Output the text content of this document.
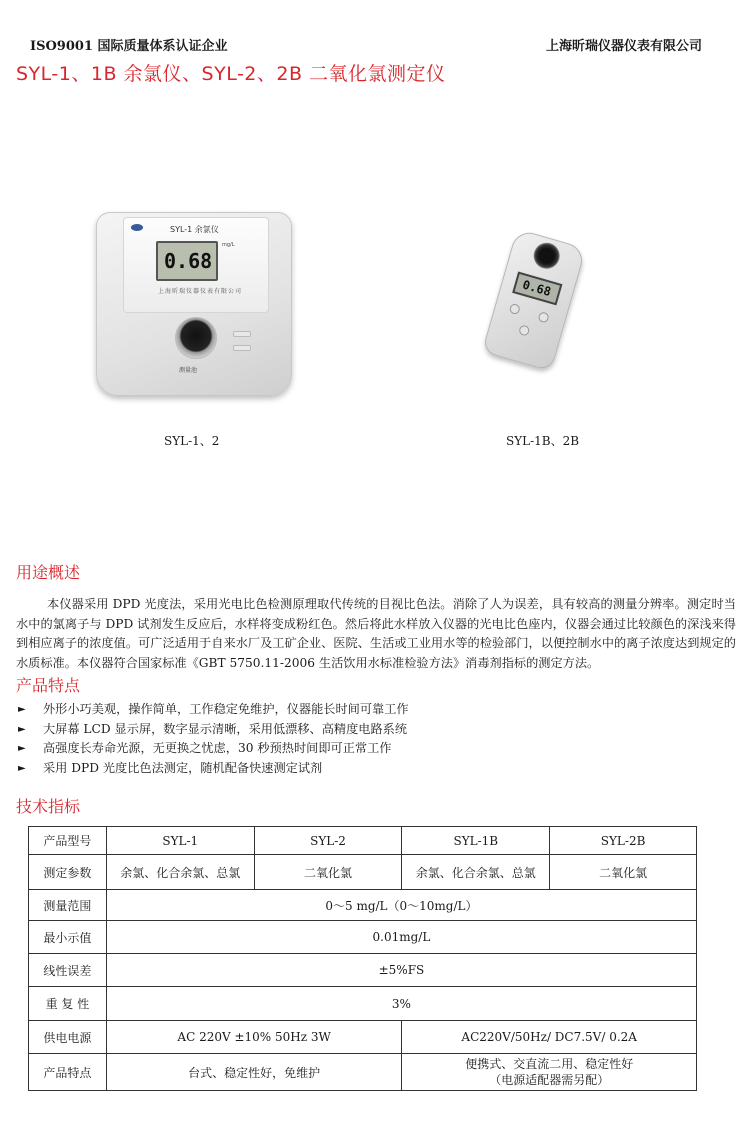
ISO9001 国际质量体系认证企业	上海昕瑞仪器仪表有限公司
SYL-1、1B 余氯仪、SYL-2、2B 二氧化氯测定仪
SYL-1 余氯仪
0.68
mg/L
上海昕瑞仪器仪表有限公司
测量池
0.68
SYL-1、2	SYL-1B、2B
用途概述

本仪器采用 DPD 光度法，采用光电比色检测原理取代传统的目视比色法。消除了人为误差，具有较高的测量分辨率。测定时当水中的氯离子与 DPD 试剂发生反应后，水样将变成粉红色。然后将此水样放入仪器的光电比色座内，仪器会通过比较颜色的深浅来得到相应离子的浓度值。可广泛适用于自来水厂及工矿企业、医院、生活或工业用水等的检验部门，以便控制水中的离子浓度达到规定的水质标准。本仪器符合国家标准《GBT 5750.11-2006 生活饮用水标准检验方法》消毒剂指标的测定方法。

产品特点
►	外形小巧美观，操作简单，工作稳定免维护，仪器能长时间可靠工作
►	大屏幕 LCD 显示屏，数字显示清晰，采用低漂移、高精度电路系统
►	高强度长寿命光源，无更换之忧虑，30 秒预热时间即可正常工作
►	采用 DPD 光度比色法测定，随机配备快速测定试剂
技术指标
产品型号	SYL-1	SYL-2	SYL-1B	SYL-2B
测定参数	余氯、化合余氯、总氯	二氧化氯	余氯、化合余氯、总氯	二氧化氯
测量范围	0～5 mg/L（0～10mg/L）			
最小示值	0.01mg/L			
线性误差	±5%FS			
重 复 性	3%			
供电电源	AC 220V ±10% 50Hz 3W		AC220V/50Hz/ DC7.5V/ 0.2A	
产品特点	台式、稳定性好，免维护		便携式、交直流二用、稳定性好
（电源适配器需另配）	
